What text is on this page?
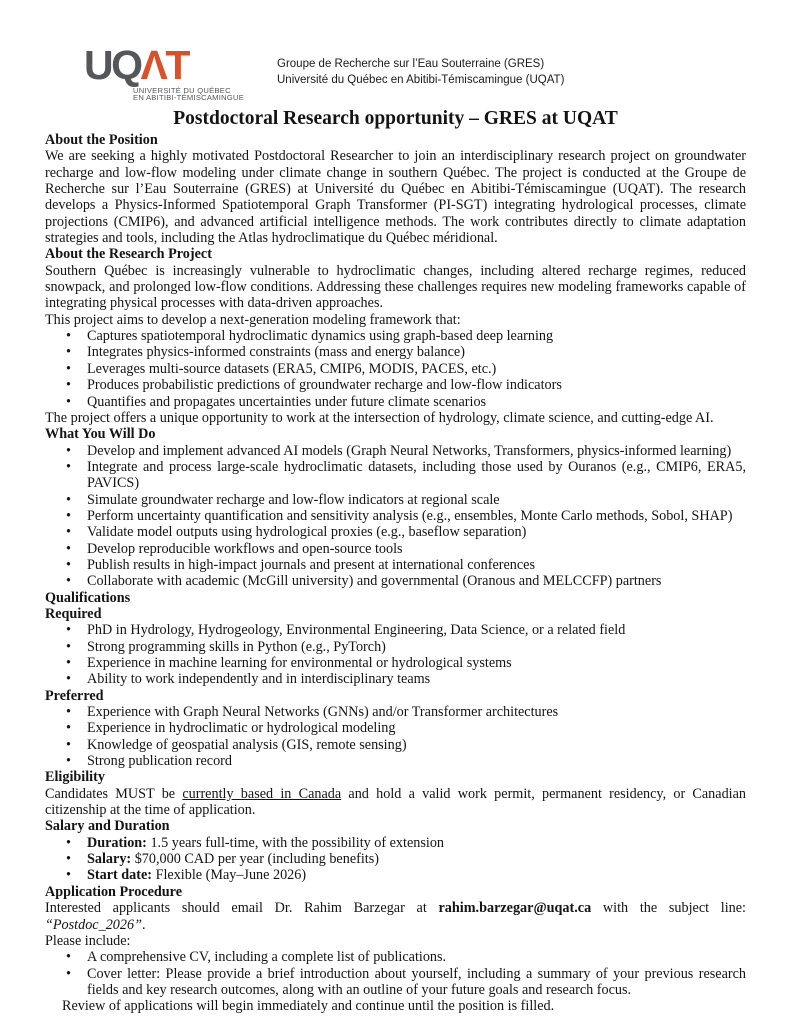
UQΛT
UNIVERSITÉ DU QUÉBEC
EN ABITIBI-TÉMISCAMINGUE
Groupe de Recherche sur l’Eau Souterraine (GRES)
Université du Québec en Abitibi-Témiscamingue (UQAT)
Postdoctoral Research opportunity – GRES at UQAT
About the Position

We are seeking a highly motivated Postdoctoral Researcher to join an interdisciplinary research project on groundwater recharge and low-flow modeling under climate change in southern Québec. The project is conducted at the Groupe de Recherche sur l’Eau Souterraine (GRES) at Université du Québec en Abitibi-Témiscamingue (UQAT). The research develops a Physics-Informed Spatiotemporal Graph Transformer (PI-SGT) integrating hydrological processes, climate projections (CMIP6), and advanced artificial intelligence methods. The work contributes directly to climate adaptation strategies and tools, including the Atlas hydroclimatique du Québec méridional.

About the Research Project

Southern Québec is increasingly vulnerable to hydroclimatic changes, including altered recharge regimes, reduced snowpack, and prolonged low-flow conditions. Addressing these challenges requires new modeling frameworks capable of integrating physical processes with data-driven approaches.

This project aims to develop a next-generation modeling framework that:

• Captures spatiotemporal hydroclimatic dynamics using graph-based deep learning
• Integrates physics-informed constraints (mass and energy balance)
• Leverages multi-source datasets (ERA5, CMIP6, MODIS, PACES, etc.)
• Produces probabilistic predictions of groundwater recharge and low-flow indicators
• Quantifies and propagates uncertainties under future climate scenarios

The project offers a unique opportunity to work at the intersection of hydrology, climate science, and cutting-edge AI.

What You Will Do
• Develop and implement advanced AI models (Graph Neural Networks, Transformers, physics-informed learning)
• Integrate and process large-scale hydroclimatic datasets, including those used by Ouranos (e.g., CMIP6, ERA5, PAVICS)
• Simulate groundwater recharge and low-flow indicators at regional scale
• Perform uncertainty quantification and sensitivity analysis (e.g., ensembles, Monte Carlo methods, Sobol, SHAP)
• Validate model outputs using hydrological proxies (e.g., baseflow separation)
• Develop reproducible workflows and open-source tools
• Publish results in high-impact journals and present at international conferences
• Collaborate with academic (McGill university) and governmental (Oranous and MELCCFP) partners
Qualifications
Required
• PhD in Hydrology, Hydrogeology, Environmental Engineering, Data Science, or a related field
• Strong programming skills in Python (e.g., PyTorch)
• Experience in machine learning for environmental or hydrological systems
• Ability to work independently and in interdisciplinary teams
Preferred
• Experience with Graph Neural Networks (GNNs) and/or Transformer architectures
• Experience in hydroclimatic or hydrological modeling
• Knowledge of geospatial analysis (GIS, remote sensing)
• Strong publication record
Eligibility

Candidates MUST be currently based in Canada and hold a valid work permit, permanent residency, or Canadian citizenship at the time of application.

Salary and Duration
• Duration: 1.5 years full-time, with the possibility of extension
• Salary: $70,000 CAD per year (including benefits)
• Start date: Flexible (May–June 2026)
Application Procedure

Interested applicants should email Dr. Rahim Barzegar at rahim.barzegar@uqat.ca with the subject line: “Postdoc_2026”.
Please include:

• A comprehensive CV, including a complete list of publications.
• Cover letter: Please provide a brief introduction about yourself, including a summary of your previous research fields and key research outcomes, along with an outline of your future goals and research focus.

Review of applications will begin immediately and continue until the position is filled.
